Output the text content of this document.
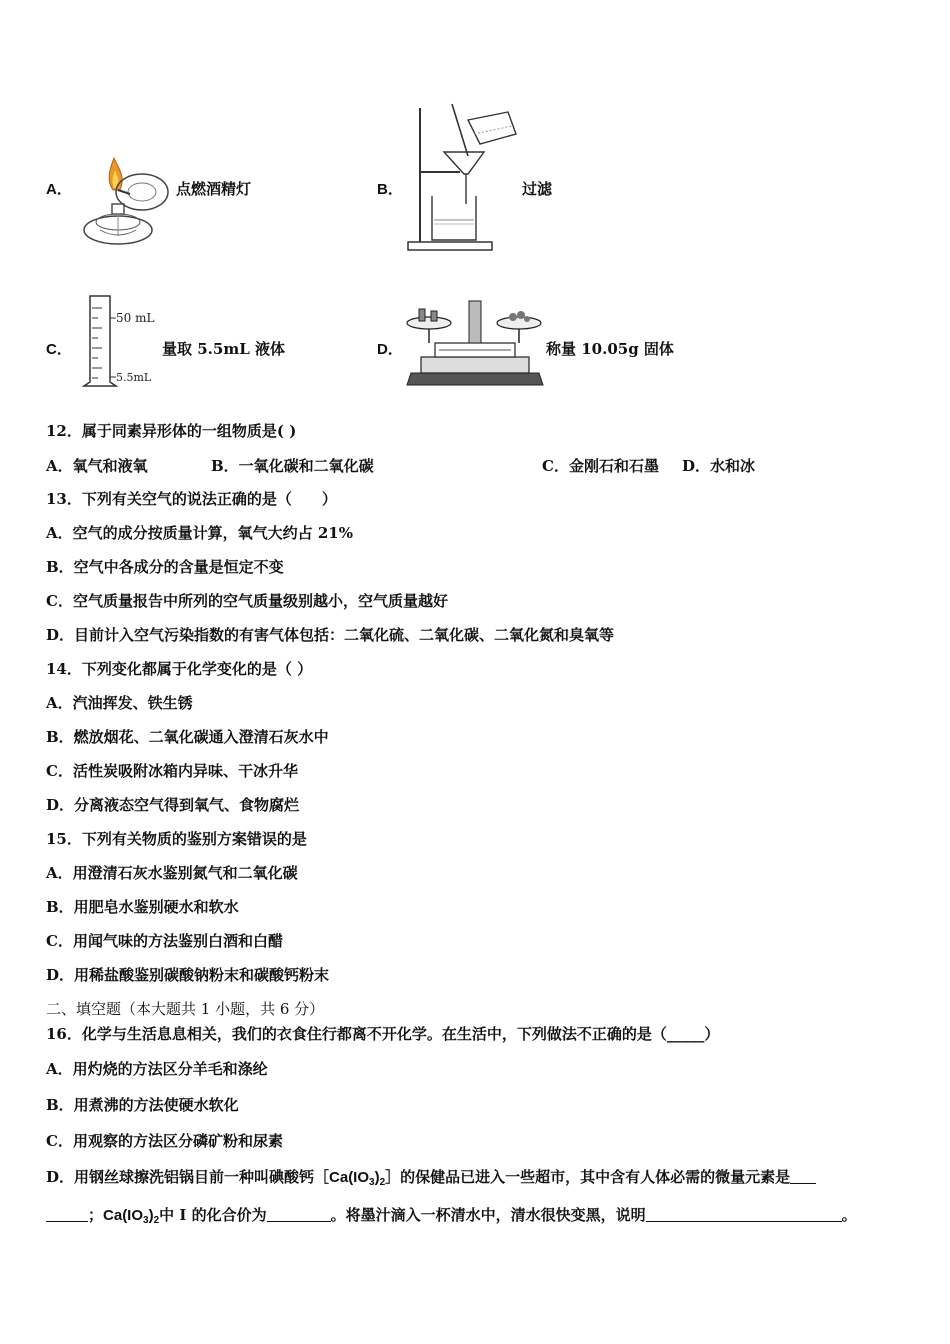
A．	点燃酒精灯	B．	过滤
C．
50 mL
5.5mL
量取 5.5mL 液体	D．	称量 10.05g 固体
12．属于同素异形体的一组物质是( )
A．氧气和液氧	B．一氧化碳和二氧化碳	C．金刚石和石墨 D．水和冰
13．下列有关空气的说法正确的是（　　）
A．空气的成分按质量计算，氧气大约占 21%
B．空气中各成分的含量是恒定不变
C．空气质量报告中所列的空气质量级别越小，空气质量越好
D．目前计入空气污染指数的有害气体包括：二氧化硫、二氧化碳、二氧化氮和臭氧等
14．下列变化都属于化学变化的是（ ）
A．汽油挥发、铁生锈
B．燃放烟花、二氧化碳通入澄清石灰水中
C．活性炭吸附冰箱内异味、干冰升华
D．分离液态空气得到氧气、食物腐烂
15．下列有关物质的鉴别方案错误的是
A．用澄清石灰水鉴别氮气和二氧化碳
B．用肥皂水鉴别硬水和软水
C．用闻气味的方法鉴别白酒和白醋
D．用稀盐酸鉴别碳酸钠粉末和碳酸钙粉末
二、填空题（本大题共 1 小题，共 6 分）
16．化学与生活息息相关，我们的衣食住行都离不开化学。在生活中，下列做法不正确的是（_____）
A．用灼烧的方法区分羊毛和涤纶
B．用煮沸的方法使硬水软化
C．用观察的方法区分磷矿粉和尿素
D．用钢丝球擦洗铝锅目前一种叫碘酸钙$[Ca(IO_3)_2]$的保健品已进入一些超市，其中含有人体必需的微量元素是
；$Ca(IO_3)_2$中 I 的化合价为	。将墨汁滴入一杯清水中，清水很快变黑，说明	。
